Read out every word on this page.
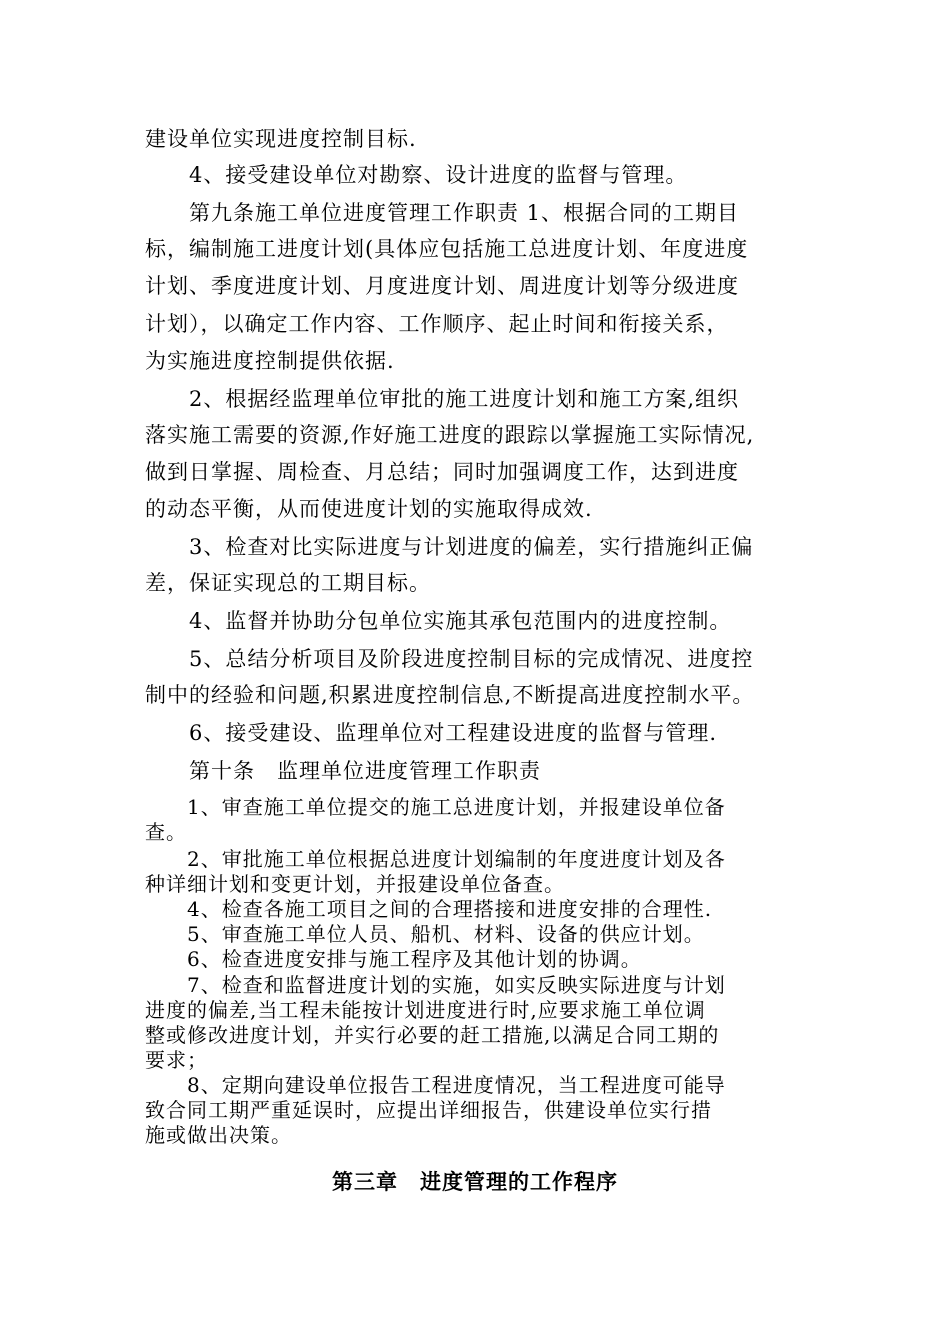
建设单位实现进度控制目标.
　　4、接受建设单位对勘察、设计进度的监督与管理。
　　第九条施工单位进度管理工作职责 1、根据合同的工期目
标，编制施工进度计划(具体应包括施工总进度计划、年度进度
计划、季度进度计划、月度进度计划、周进度计划等分级进度
计划），以确定工作内容、工作顺序、起止时间和衔接关系，
为实施进度控制提供依据.
　　2、根据经监理单位审批的施工进度计划和施工方案,组织
落实施工需要的资源,作好施工进度的跟踪以掌握施工实际情况,
做到日掌握、周检查、月总结；同时加强调度工作，达到进度
的动态平衡，从而使进度计划的实施取得成效.
　　3、检查对比实际进度与计划进度的偏差，实行措施纠正偏
差，保证实现总的工期目标。
　　4、监督并协助分包单位实施其承包范围内的进度控制。
　　5、总结分析项目及阶段进度控制目标的完成情况、进度控
制中的经验和问题,积累进度控制信息,不断提高进度控制水平。
　　6、接受建设、监理单位对工程建设进度的监督与管理.
　　第十条　监理单位进度管理工作职责
　　1、审查施工单位提交的施工总进度计划，并报建设单位备
查。
　　2、审批施工单位根据总进度计划编制的年度进度计划及各
种详细计划和变更计划，并报建设单位备查。
　　4、检查各施工项目之间的合理搭接和进度安排的合理性.
　　5、审查施工单位人员、船机、材料、设备的供应计划。
　　6、检查进度安排与施工程序及其他计划的协调。
　　7、检查和监督进度计划的实施，如实反映实际进度与计划
进度的偏差,当工程未能按计划进度进行时,应要求施工单位调
整或修改进度计划，并实行必要的赶工措施,以满足合同工期的
要求；
　　8、定期向建设单位报告工程进度情况，当工程进度可能导
致合同工期严重延误时，应提出详细报告，供建设单位实行措
施或做出决策。
第三章　进度管理的工作程序
